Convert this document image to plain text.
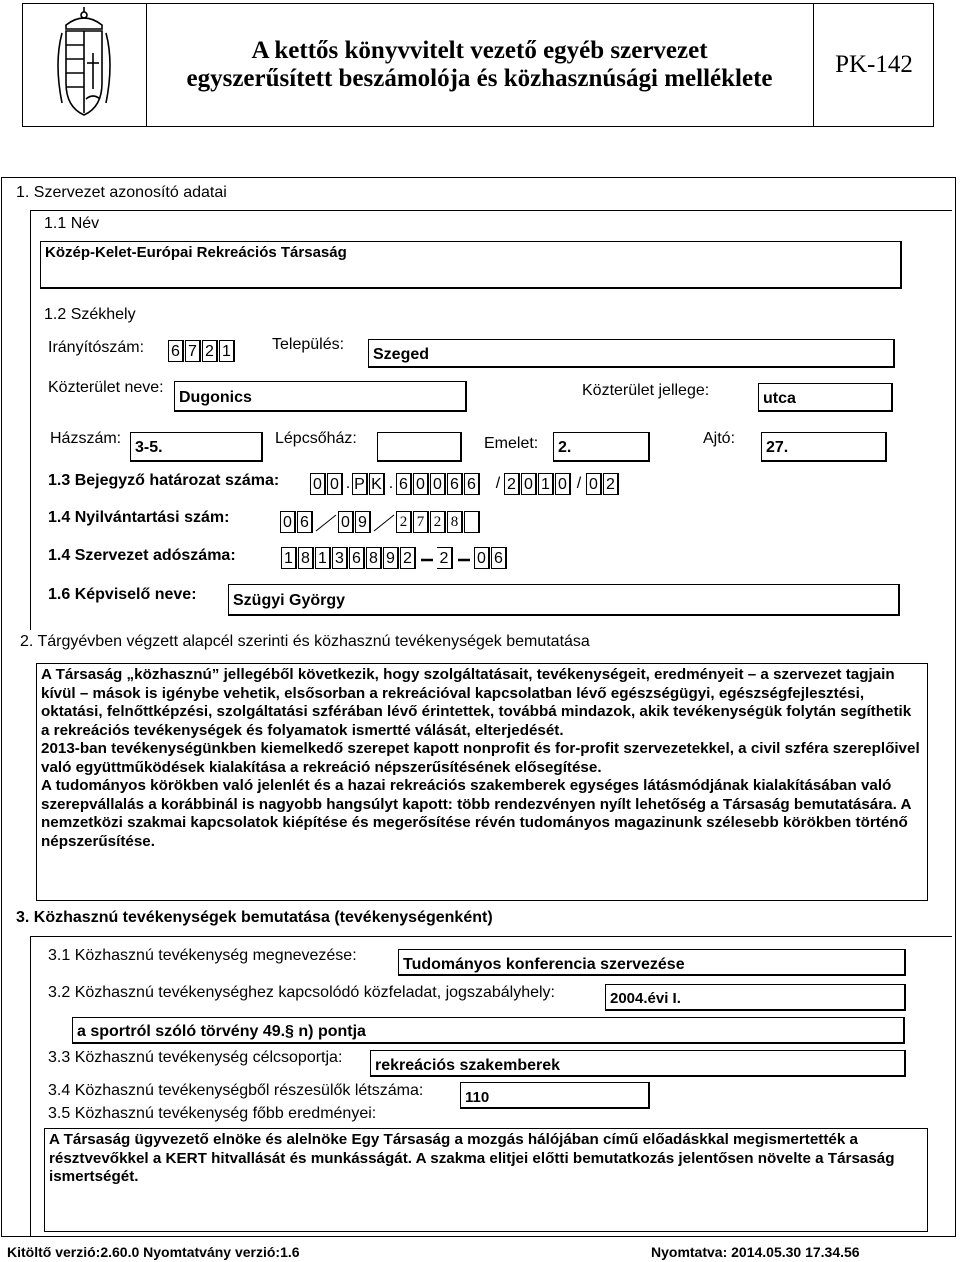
A kettős könyvvitelt vezető egyéb szervezet
egyszerűsített beszámolója és közhasznúsági melléklete
PK-142
1. Szervezet azonosító adatai
1.1 Név
Közép-Kelet-Európai Rekreációs Társaság
1.2 Székhely
Irányítószám: 6 7 2 1	Település:
Szeged
Közterület neve:
Dugonics	Közterület jellege:	utca
Házszám:
3-5.
Lépcsőház:	Emelet:	2.
Ajtó:
27.
1.3 Bejegyző határozat száma: 0 0 . P K . 6 0 0 6 6 / 2 0 1 0 / 0 2
1.4 Nyilvántartási szám:	0 6 0 9 2 7 2 8
1.4 Szervezet adószáma:	1 8 1 3 6 8 9 2 2 0 6
1.6 Képviselő neve:	Szügyi György
2. Tárgyévben végzett alapcél szerinti és közhasznú tevékenységek bemutatása
A Társaság „közhasznú” jellegéből következik, hogy szolgáltatásait, tevékenységeit, eredményeit – a szervezet tagjain kívül – mások is igénybe vehetik, elsősorban a rekreációval kapcsolatban lévő egészségügyi, egészségfejlesztési, oktatási, felnőttképzési, szolgáltatási szférában lévő érintettek, továbbá mindazok, akik tevékenységük folytán segíthetik a rekreációs tevékenységek és folyamatok ismertté válását, elterjedését.
2013-ban tevékenységünkben kiemelkedő szerepet kapott nonprofit és for-profit szervezetekkel, a civil szféra szereplőivel való együttműködések kialakítása a rekreáció népszerűsítésének elősegítése.
A tudományos körökben való jelenlét és a hazai rekreációs szakemberek egységes látásmódjának kialakításában való szerepvállalás a korábbinál is nagyobb hangsúlyt kapott: több rendezvényen nyílt lehetőség a Társaság bemutatására. A nemzetközi szakmai kapcsolatok kiépítése és megerősítése révén tudományos magazinunk szélesebb körökben történő népszerűsítése.
3. Közhasznú tevékenységek bemutatása (tevékenységenként)
3.1 Közhasznú tevékenység megnevezése:
Tudományos konferencia szervezése
3.2 Közhasznú tevékenységhez kapcsolódó közfeladat, jogszabályhely:	2004.évi I.
a sportról szóló törvény 49.§ n) pontja
3.3 Közhasznú tevékenység célcsoportja:	rekreációs szakemberek
3.4 Közhasznú tevékenységből részesülők létszáma:	110
3.5 Közhasznú tevékenység főbb eredményei:
A Társaság ügyvezető elnöke és alelnöke Egy Társaság a mozgás hálójában című előadáskkal megismertették a résztvevőkkel a KERT hitvallását és munkásságát. A szakma elitjei előtti bemutatkozás jelentősen növelte a Társaság ismertségét.
Kitöltő verzió:2.60.0 Nyomtatvány verzió:1.6	Nyomtatva: 2014.05.30 17.34.56
